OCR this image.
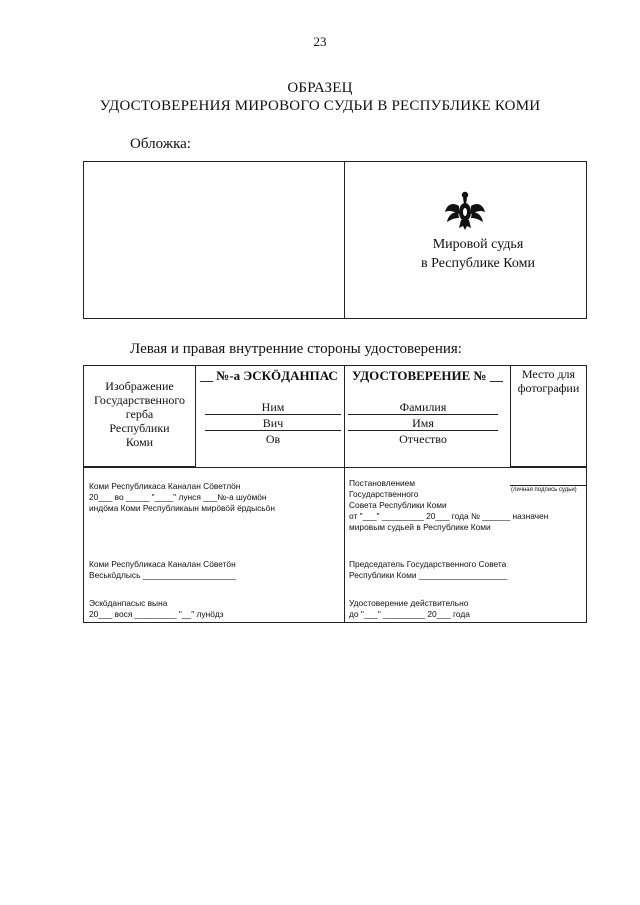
23
ОБРАЗЕЦ
УДОСТОВЕРЕНИЯ МИРОВОГО СУДЬИ В РЕСПУБЛИКЕ КОМИ
Обложка:
Мировой судья
в Республике Коми
Левая и правая внутренние стороны удостоверения:
Изображение
Государственного
герба
Республики
Коми
Место для
фотографии
__ №-а ЭСКӦДАНПАС УДОСТОВЕРЕНИЕ № __
Ним
Вич
Ов
Фамилия
Имя
Отчество
(личная подпись судьи)
Коми Республикаса Каналан Сӧветлӧн
20___ во _____ "____" лунся ___№-а шуӧмӧн
индӧма Коми Республикаын мирӧвӧй ёрдысьӧн
Постановлением
Государственного
Совета Республики Коми
от "___" _________ 20___ года № ______ назначен
мировым судьей в Республике Коми
Коми Республикаса Каналан Сӧветӧн
Веськӧдлысь ____________________
Председатель Государственного Совета
Республики Коми ___________________
Эскӧданпасыс вына
20___ вося _________ "__" лунӧдз
Удостоверение действительно
до "___" _________ 20___ года
